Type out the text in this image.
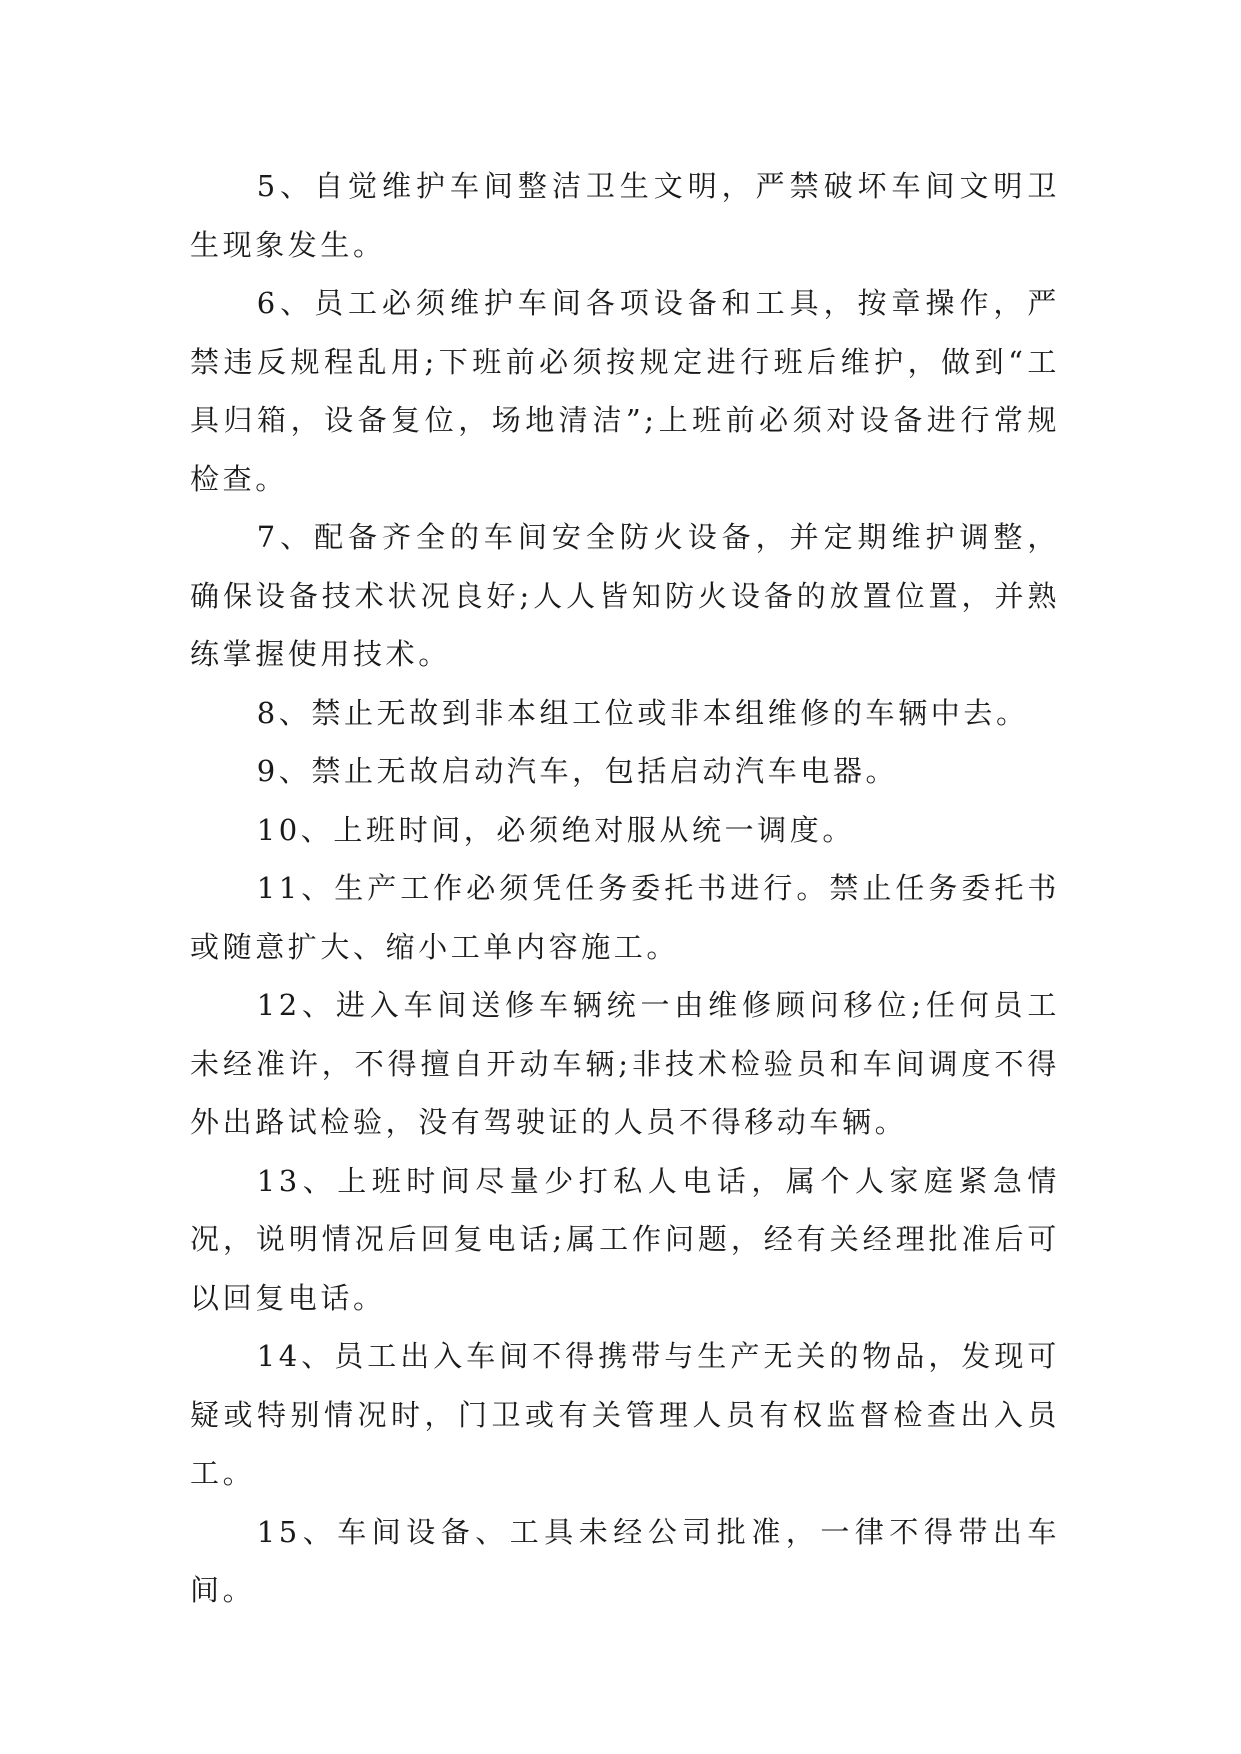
5、自觉维护车间整洁卫生文明，严禁破坏车间文明卫生现象发生。

6、员工必须维护车间各项设备和工具，按章操作，严禁违反规程乱用;下班前必须按规定进行班后维护，做到“工具归箱，设备复位，场地清洁”;上班前必须对设备进行常规检查。

7、配备齐全的车间安全防火设备，并定期维护调整，确保设备技术状况良好;人人皆知防火设备的放置位置，并熟练掌握使用技术。

8、禁止无故到非本组工位或非本组维修的车辆中去。

9、禁止无故启动汽车，包括启动汽车电器。

10、上班时间，必须绝对服从统一调度。

11、生产工作必须凭任务委托书进行。禁止任务委托书或随意扩大、缩小工单内容施工。

12、进入车间送修车辆统一由维修顾问移位;任何员工未经准许，不得擅自开动车辆;非技术检验员和车间调度不得外出路试检验，没有驾驶证的人员不得移动车辆。

13、上班时间尽量少打私人电话，属个人家庭紧急情况，说明情况后回复电话;属工作问题，经有关经理批准后可以回复电话。

14、员工出入车间不得携带与生产无关的物品，发现可疑或特别情况时，门卫或有关管理人员有权监督检查出入员工。

15、车间设备、工具未经公司批准，一律不得带出车间。
